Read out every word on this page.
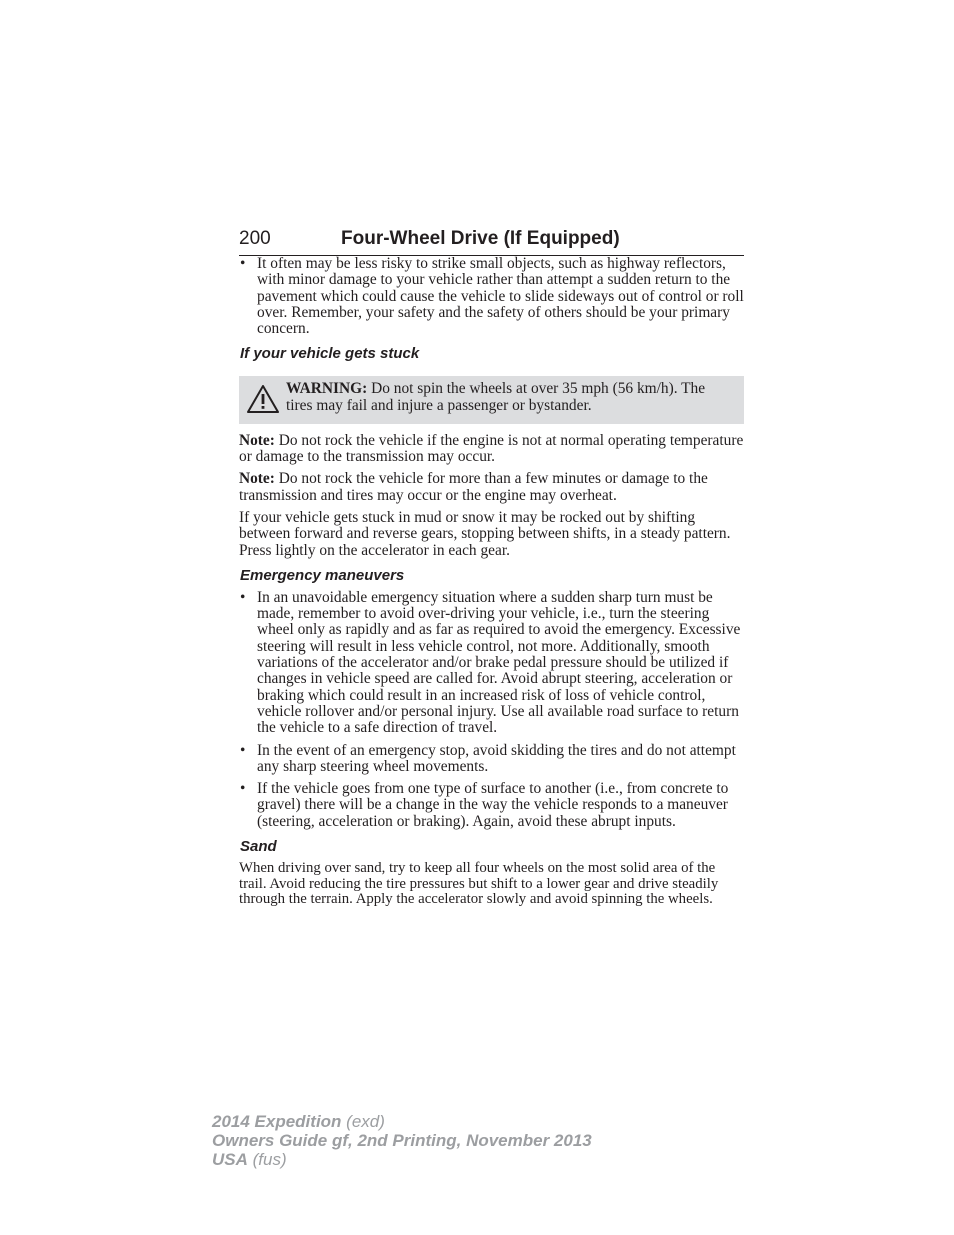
200	Four-Wheel Drive (If Equipped)
• It often may be less risky to strike small objects, such as highway reflectors, with minor damage to your vehicle rather than attempt a sudden return to the pavement which could cause the vehicle to slide sideways out of control or roll over. Remember, your safety and the safety of others should be your primary concern.
If your vehicle gets stuck
WARNING: Do not spin the wheels at over 35 mph (56 km/h). The tires may fail and injure a passenger or bystander.

Note: Do not rock the vehicle if the engine is not at normal operating temperature or damage to the transmission may occur.

Note: Do not rock the vehicle for more than a few minutes or damage to the transmission and tires may occur or the engine may overheat.

If your vehicle gets stuck in mud or snow it may be rocked out by shifting between forward and reverse gears, stopping between shifts, in a steady pattern. Press lightly on the accelerator in each gear.

Emergency maneuvers
• In an unavoidable emergency situation where a sudden sharp turn must be made, remember to avoid over-driving your vehicle, i.e., turn the steering wheel only as rapidly and as far as required to avoid the emergency. Excessive steering will result in less vehicle control, not more. Additionally, smooth variations of the accelerator and/or brake pedal pressure should be utilized if changes in vehicle speed are called for. Avoid abrupt steering, acceleration or braking which could result in an increased risk of loss of vehicle control, vehicle rollover and/or personal injury. Use all available road surface to return the vehicle to a safe direction of travel.
• In the event of an emergency stop, avoid skidding the tires and do not attempt any sharp steering wheel movements.
• If the vehicle goes from one type of surface to another (i.e., from concrete to gravel) there will be a change in the way the vehicle responds to a maneuver (steering, acceleration or braking). Again, avoid these abrupt inputs.
Sand

When driving over sand, try to keep all four wheels on the most solid area of the trail. Avoid reducing the tire pressures but shift to a lower gear and drive steadily through the terrain. Apply the accelerator slowly and avoid spinning the wheels.

2014 Expedition (exd)
Owners Guide gf, 2nd Printing, November 2013
USA (fus)
